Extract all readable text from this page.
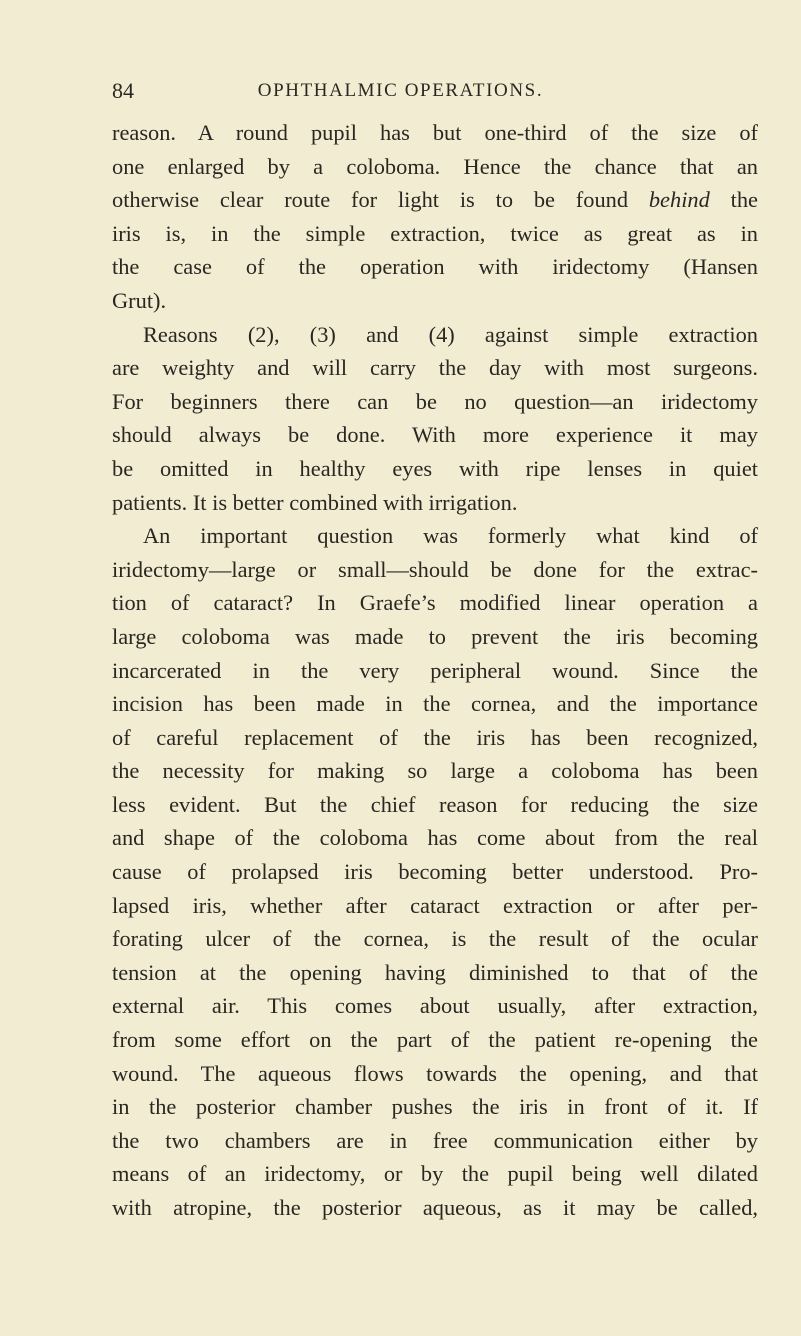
84	OPHTHALMIC OPERATIONS.
reason. A round pupil has but one-third of the size of
one enlarged by a coloboma. Hence the chance that an
otherwise clear route for light is to be found behind the
iris is, in the simple extraction, twice as great as in
the case of the operation with iridectomy (Hansen
Grut).
Reasons (2), (3) and (4) against simple extraction
are weighty and will carry the day with most surgeons.
For beginners there can be no question—an iridectomy
should always be done. With more experience it may
be omitted in healthy eyes with ripe lenses in quiet
patients. It is better combined with irrigation.
An important question was formerly what kind of
iridectomy—large or small—should be done for the extrac-
tion of cataract? In Graefe’s modified linear operation a
large coloboma was made to prevent the iris becoming
incarcerated in the very peripheral wound. Since the
incision has been made in the cornea, and the importance
of careful replacement of the iris has been recognized,
the necessity for making so large a coloboma has been
less evident. But the chief reason for reducing the size
and shape of the coloboma has come about from the real
cause of prolapsed iris becoming better understood. Pro-
lapsed iris, whether after cataract extraction or after per-
forating ulcer of the cornea, is the result of the ocular
tension at the opening having diminished to that of the
external air. This comes about usually, after extraction,
from some effort on the part of the patient re-opening the
wound. The aqueous flows towards the opening, and that
in the posterior chamber pushes the iris in front of it. If
the two chambers are in free communication either by
means of an iridectomy, or by the pupil being well dilated
with atropine, the posterior aqueous, as it may be called,
